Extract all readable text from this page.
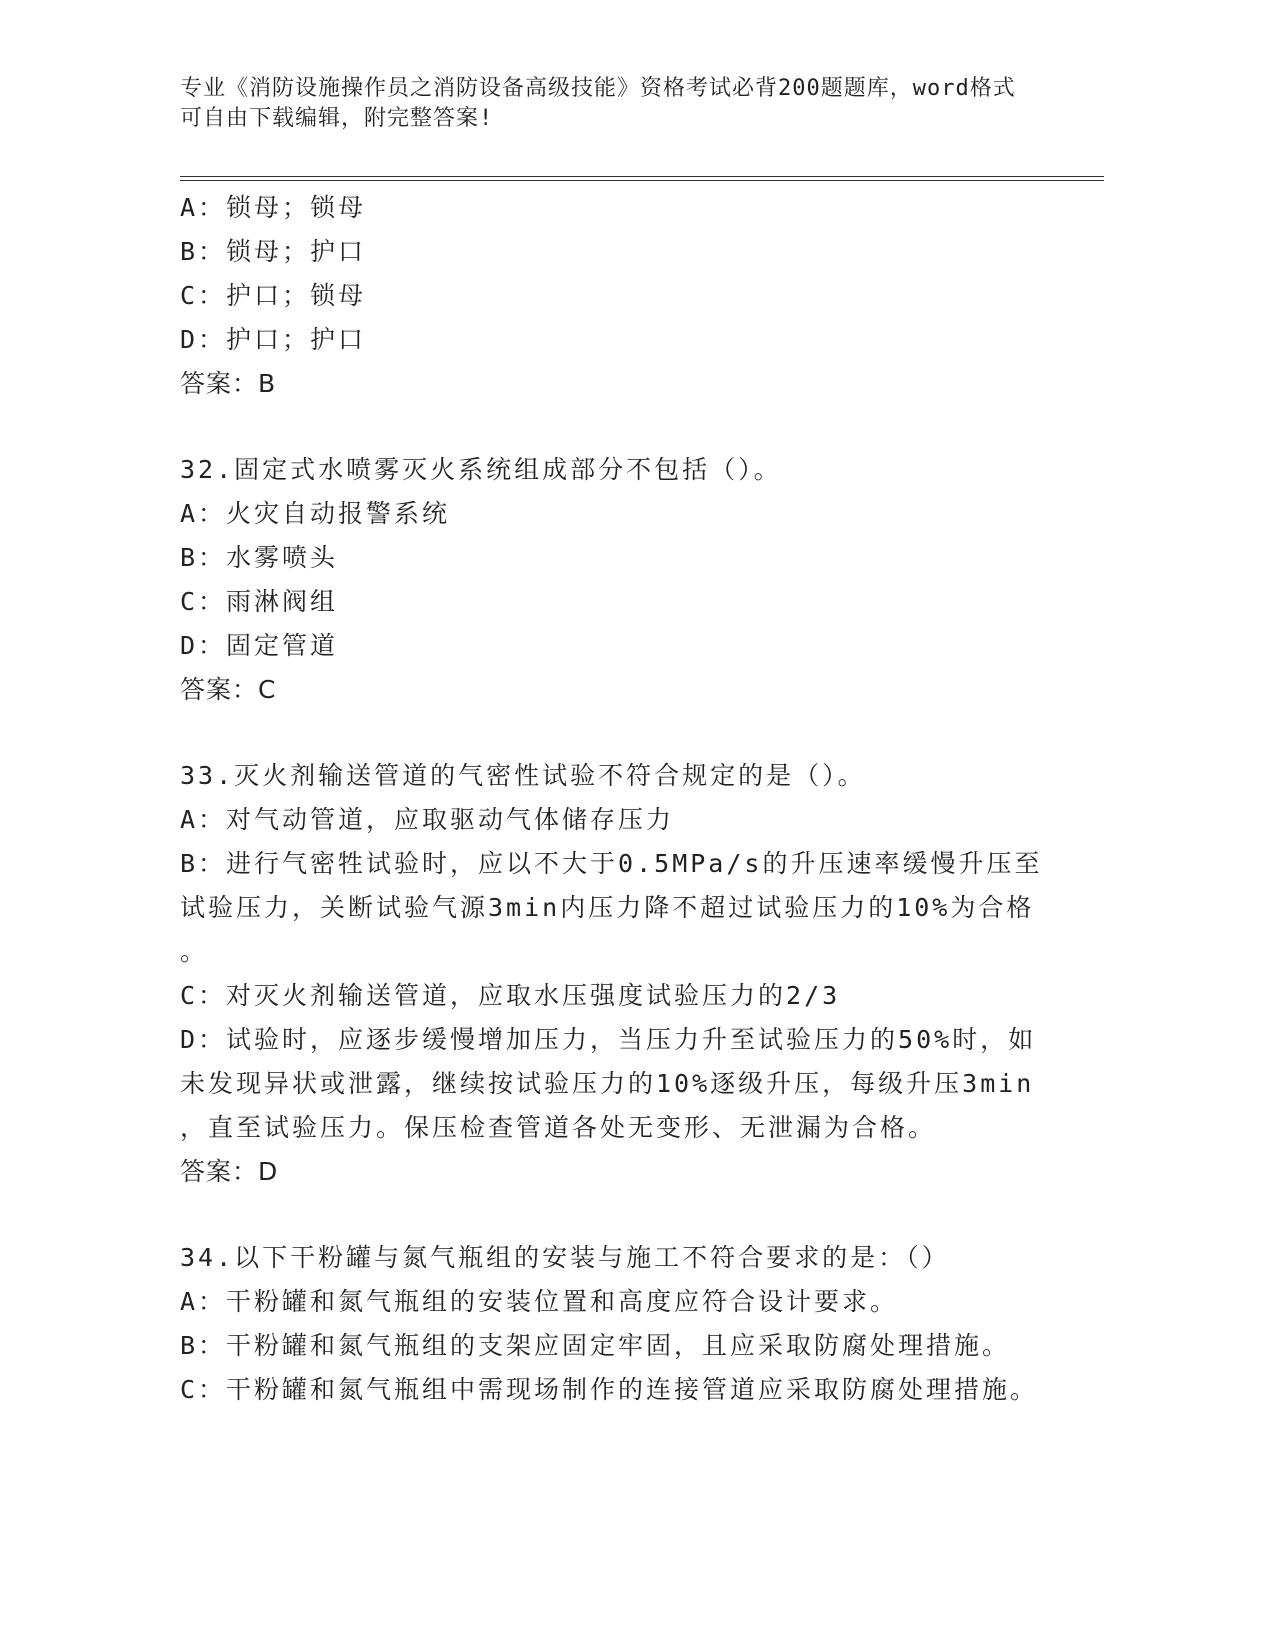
专业《消防设施操作员之消防设备高级技能》资格考试必背200题题库，word格式可自由下载编辑，附完整答案!
A：锁母；锁母
B：锁母；护口
C：护口；锁母
D：护口；护口
答案：B
32.固定式水喷雾灭火系统组成部分不包括（）。
A：火灾自动报警系统
B：水雾喷头
C：雨淋阀组
D：固定管道
答案：C
33.灭火剂输送管道的气密性试验不符合规定的是（）。
A：对气动管道，应取驱动气体储存压力
B：进行气密牲试验时，应以不大于0.5MPa/s的升压速率缓慢升压至
试验压力，关断试验气源3min内压力降不超过试验压力的10%为合格
。
C：对灭火剂输送管道，应取水压强度试验压力的2/3
D：试验时，应逐步缓慢增加压力，当压力升至试验压力的50%时，如
未发现异状或泄露，继续按试验压力的10%逐级升压，每级升压3min
，直至试验压力。保压检查管道各处无变形、无泄漏为合格。
答案：D
34.以下干粉罐与氮气瓶组的安装与施工不符合要求的是：（）
A：干粉罐和氮气瓶组的安装位置和高度应符合设计要求。
B：干粉罐和氮气瓶组的支架应固定牢固，且应采取防腐处理措施。
C：干粉罐和氮气瓶组中需现场制作的连接管道应采取防腐处理措施。
